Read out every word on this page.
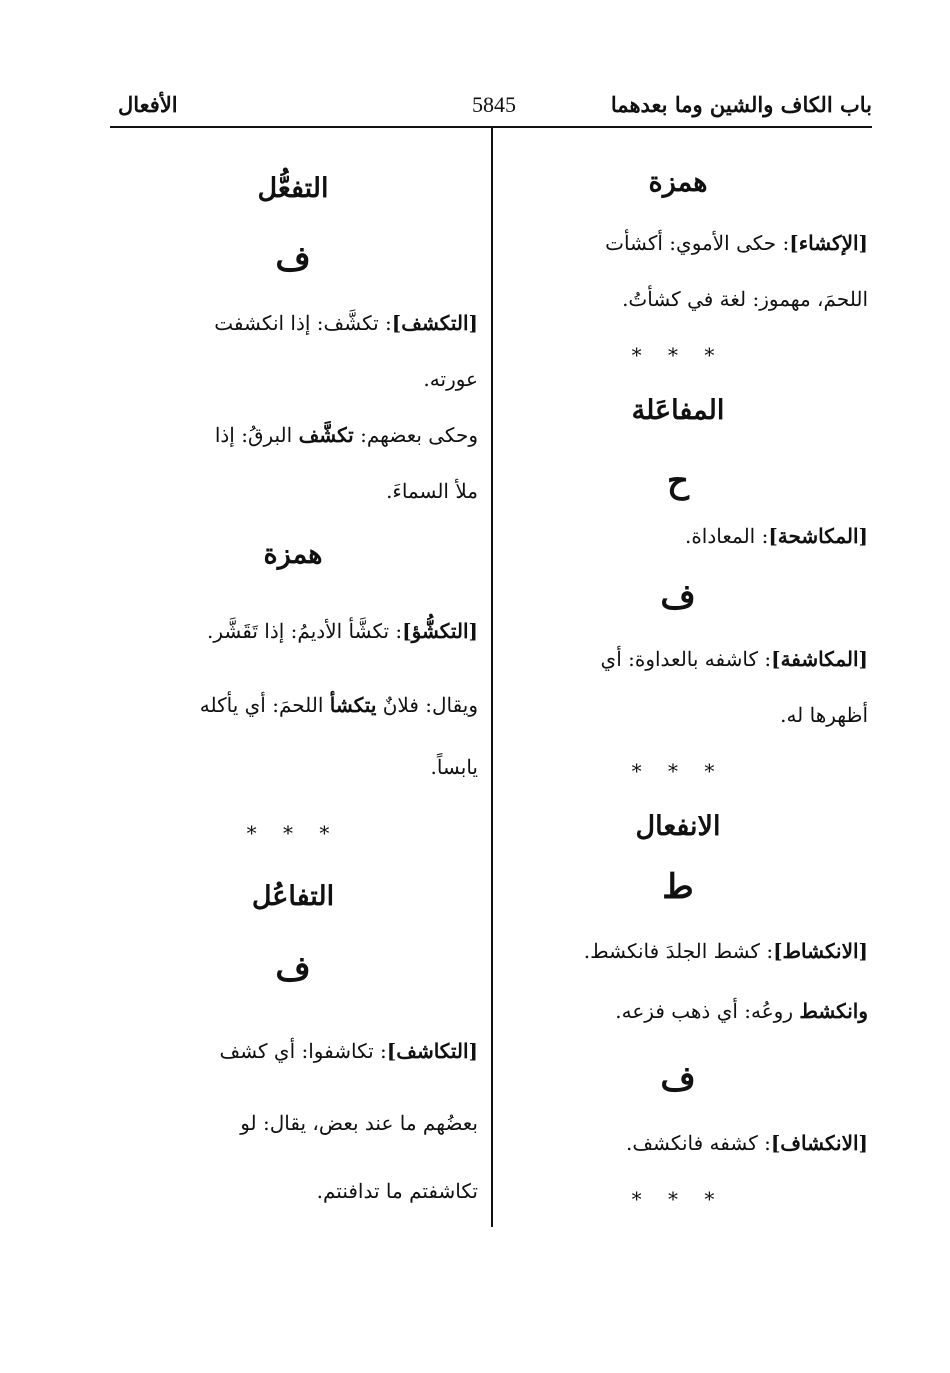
باب الكاف والشين وما بعدهما
5845
الأفعال
همزة
[الإكشاء]: حكى الأموي: أكشأت
اللحمَ، مهموز: لغة في كشأتُ.
* * *
المفاعَلة
ح
[المكاشحة]: المعاداة.
ف
[المكاشفة]: كاشفه بالعداوة: أي
أظهرها له.
* * *
الانفعال
ط
[الانكشاط]: كشط الجلدَ فانكشط.
وانكشط روعُه: أي ذهب فزعه.
ف
[الانكشاف]: كشفه فانكشف.
* * *
التفعُّل
ف
[التكشف]: تكشَّف: إذا انكشفت
عورته.
وحكى بعضهم: تكشَّف البرقُ: إذا
ملأ السماءَ.
همزة
[التكشُّؤ]: تكشَّأ الأديمُ: إذا تَقَشَّر.
ويقال: فلانٌ يتكشأ اللحمَ: أي يأكله
يابساً.
* * *
التفاعُل
ف
[التكاشف]: تكاشفوا: أي كشف
بعضُهم ما عند بعض، يقال: لو
تكاشفتم ما تدافنتم.
